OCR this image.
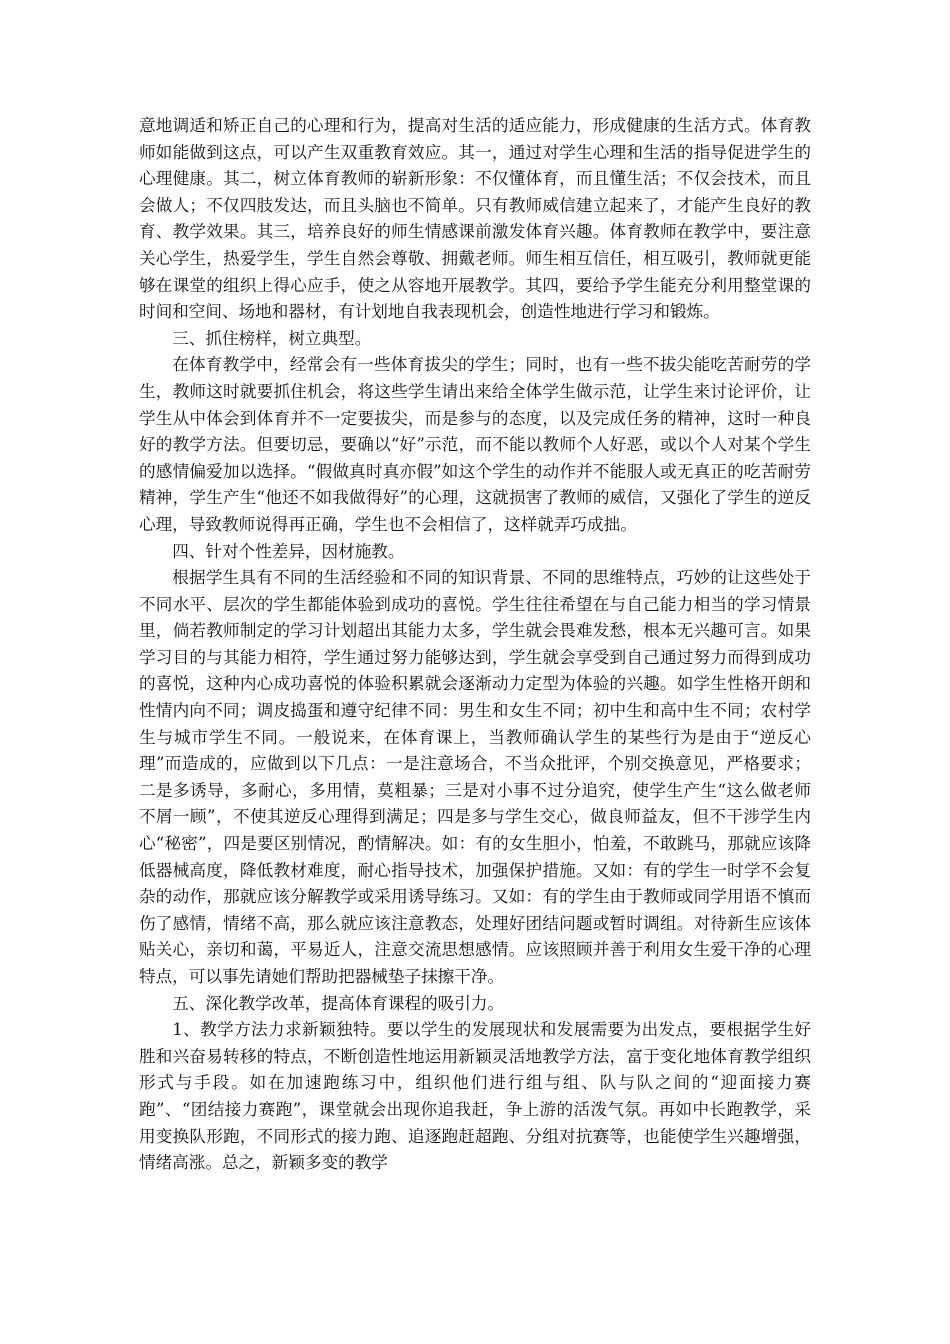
意地调适和矫正自己的心理和行为，提高对生活的适应能力，形成健康的生活方式。体育教师如能做到这点，可以产生双重教育效应。其一，通过对学生心理和生活的指导促进学生的心理健康。其二，树立体育教师的崭新形象：不仅懂体育，而且懂生活；不仅会技术，而且会做人；不仅四肢发达，而且头脑也不简单。只有教师威信建立起来了，才能产生良好的教育、教学效果。其三，培养良好的师生情感课前激发体育兴趣。体育教师在教学中，要注意关心学生，热爱学生，学生自然会尊敬、拥戴老师。师生相互信任，相互吸引，教师就更能够在课堂的组织上得心应手，使之从容地开展教学。其四，要给予学生能充分利用整堂课的时间和空间、场地和器材，有计划地自我表现机会，创造性地进行学习和锻炼。

三、抓住榜样，树立典型。

在体育教学中，经常会有一些体育拔尖的学生；同时，也有一些不拔尖能吃苦耐劳的学生，教师这时就要抓住机会，将这些学生请出来给全体学生做示范，让学生来讨论评价，让学生从中体会到体育并不一定要拔尖，而是参与的态度，以及完成任务的精神，这时一种良好的教学方法。但要切忌，要确以“好”示范，而不能以教师个人好恶，或以个人对某个学生的感情偏爱加以选择。“假做真时真亦假”如这个学生的动作并不能服人或无真正的吃苦耐劳精神，学生产生“他还不如我做得好”的心理，这就损害了教师的威信，又强化了学生的逆反心理，导致教师说得再正确，学生也不会相信了，这样就弄巧成拙。

四、针对个性差异，因材施教。

根据学生具有不同的生活经验和不同的知识背景、不同的思维特点，巧妙的让这些处于不同水平、层次的学生都能体验到成功的喜悦。学生往往希望在与自己能力相当的学习情景里，倘若教师制定的学习计划超出其能力太多，学生就会畏难发愁，根本无兴趣可言。如果学习目的与其能力相符，学生通过努力能够达到，学生就会享受到自己通过努力而得到成功的喜悦，这种内心成功喜悦的体验积累就会逐渐动力定型为体验的兴趣。如学生性格开朗和性情内向不同；调皮捣蛋和遵守纪律不同：男生和女生不同；初中生和高中生不同；农村学生与城市学生不同。一般说来，在体育课上，当教师确认学生的某些行为是由于“逆反心理”而造成的，应做到以下几点：一是注意场合，不当众批评，个别交换意见，严格要求；二是多诱导，多耐心，多用情，莫粗暴；三是对小事不过分追究，使学生产生“这么做老师不屑一顾”，不使其逆反心理得到满足；四是多与学生交心，做良师益友，但不干涉学生内心“秘密”，四是要区别情况，酌情解决。如：有的女生胆小，怕羞，不敢跳马，那就应该降低器械高度，降低教材难度，耐心指导技术，加强保护措施。又如：有的学生一时学不会复杂的动作，那就应该分解教学或采用诱导练习。又如：有的学生由于教师或同学用语不慎而伤了感情，情绪不高，那么就应该注意教态，处理好团结问题或暂时调组。对待新生应该体贴关心，亲切和蔼，平易近人，注意交流思想感情。应该照顾并善于利用女生爱干净的心理特点，可以事先请她们帮助把器械垫子抹擦干净。

五、深化教学改革，提高体育课程的吸引力。

1、教学方法力求新颖独特。要以学生的发展现状和发展需要为出发点，要根据学生好胜和兴奋易转移的特点，不断创造性地运用新颖灵活地教学方法，富于变化地体育教学组织形式与手段。如在加速跑练习中，组织他们进行组与组、队与队之间的“迎面接力赛跑”、“团结接力赛跑”，课堂就会出现你追我赶，争上游的活泼气氛。再如中长跑教学，采用变换队形跑，不同形式的接力跑、追逐跑赶超跑、分组对抗赛等，也能使学生兴趣增强，情绪高涨。总之，新颖多变的教学
